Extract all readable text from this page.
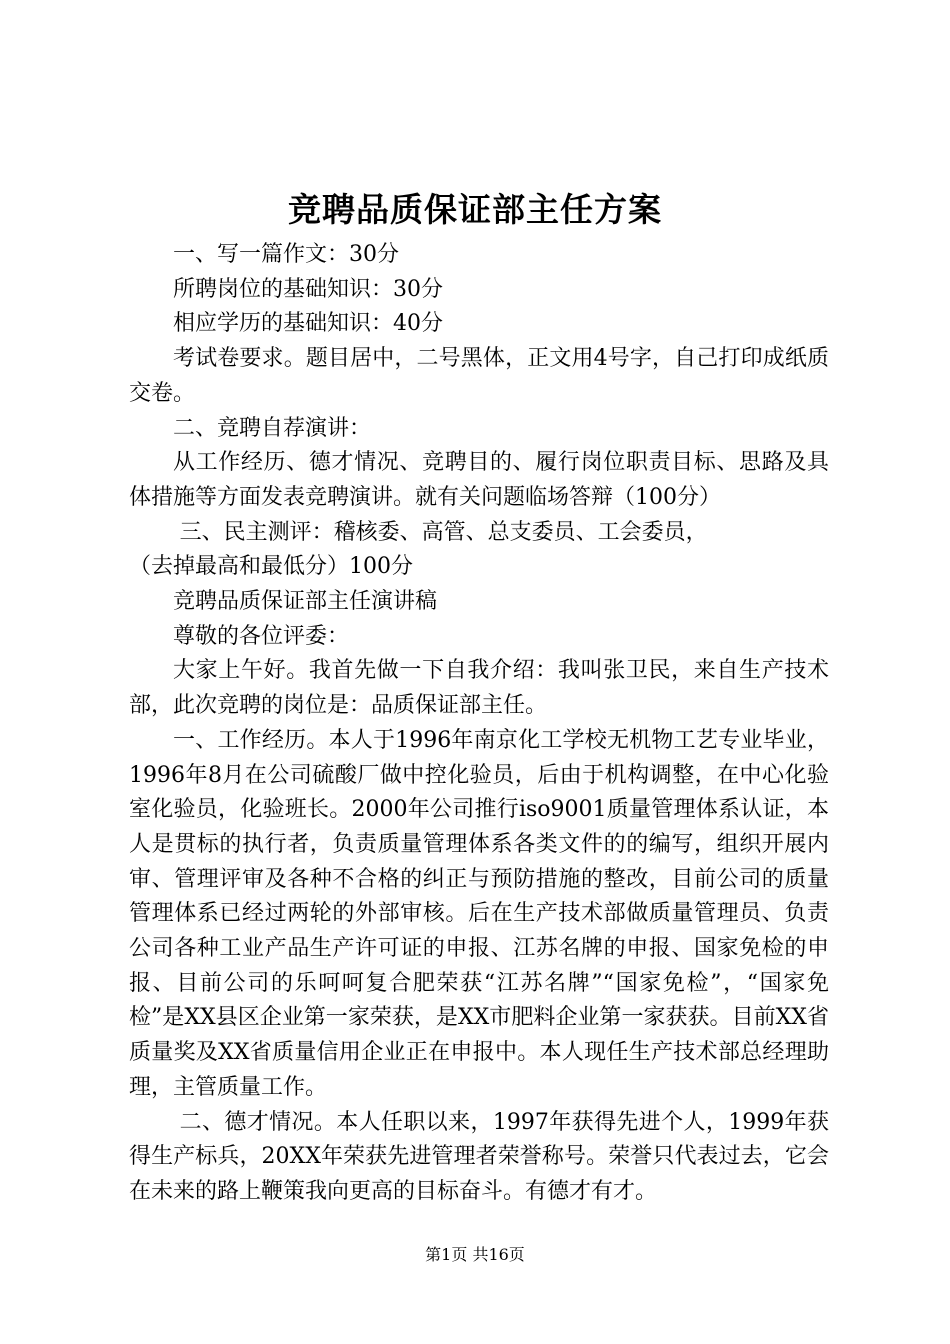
竞聘品质保证部主任方案

一、写一篇作文：30分

所聘岗位的基础知识：30分

相应学历的基础知识：40分

考试卷要求。题目居中，二号黑体，正文用4号字，自己打印成纸质交卷。

二、竞聘自荐演讲：

从工作经历、德才情况、竞聘目的、履行岗位职责目标、思路及具体措施等方面发表竞聘演讲。就有关问题临场答辩（100分）

三、民主测评：稽核委、高管、总支委员、工会委员，

（去掉最高和最低分）100分

竞聘品质保证部主任演讲稿

尊敬的各位评委：

大家上午好。我首先做一下自我介绍：我叫张卫民，来自生产技术部，此次竞聘的岗位是：品质保证部主任。

一、工作经历。本人于1996年南京化工学校无机物工艺专业毕业，1996年8月在公司硫酸厂做中控化验员，后由于机构调整，在中心化验室化验员，化验班长。2000年公司推行iso9001质量管理体系认证，本人是贯标的执行者，负责质量管理体系各类文件的的编写，组织开展内审、管理评审及各种不合格的纠正与预防措施的整改，目前公司的质量管理体系已经过两轮的外部审核。后在生产技术部做质量管理员、负责公司各种工业产品生产许可证的申报、江苏名牌的申报、国家免检的申报、目前公司的乐呵呵复合肥荣获“江苏名牌”“国家免检”，“国家免检”是XX县区企业第一家荣获，是XX市肥料企业第一家获获。目前XX省质量奖及XX省质量信用企业正在申报中。本人现任生产技术部总经理助理，主管质量工作。

二、德才情况。本人任职以来，1997年获得先进个人，1999年获得生产标兵，20XX年荣获先进管理者荣誉称号。荣誉只代表过去，它会在未来的路上鞭策我向更高的目标奋斗。有德才有才。

第1页 共16页
